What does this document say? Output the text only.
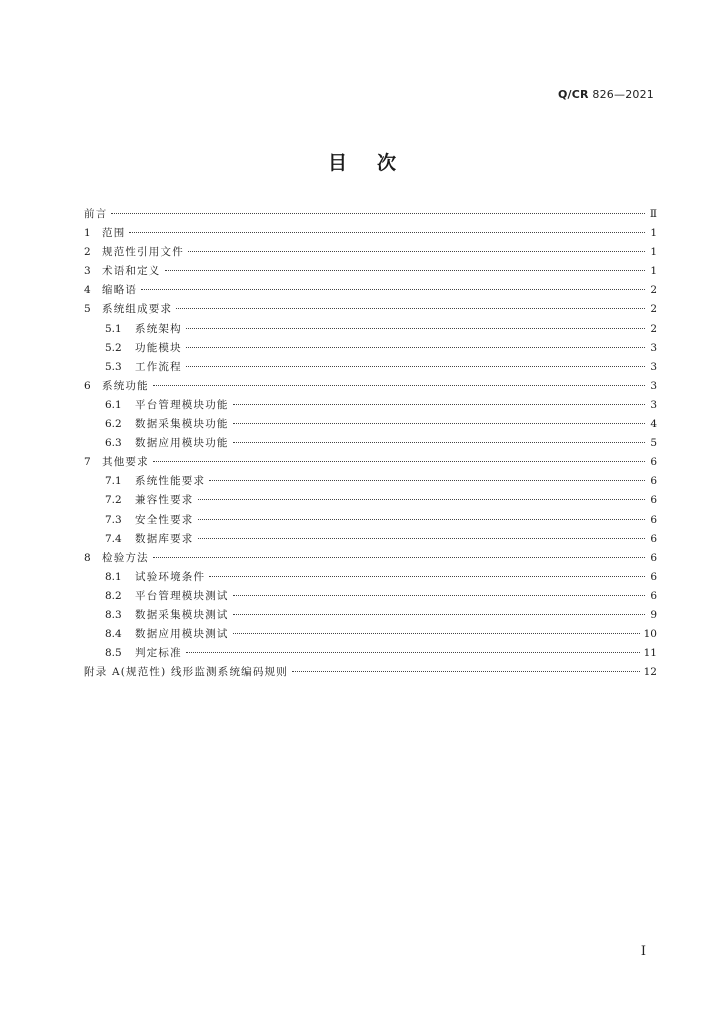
Q/CR 826—2021
目次
前言	Ⅱ
1	范围	1
2	规范性引用文件	1
3	术语和定义	1
4	缩略语	2
5	系统组成要求	2
5.1	系统架构	2
5.2	功能模块	3
5.3	工作流程	3
6	系统功能	3
6.1	平台管理模块功能	3
6.2	数据采集模块功能	4
6.3	数据应用模块功能	5
7	其他要求	6
7.1	系统性能要求	6
7.2	兼容性要求	6
7.3	安全性要求	6
7.4	数据库要求	6
8	检验方法	6
8.1	试验环境条件	6
8.2	平台管理模块测试	6
8.3	数据采集模块测试	9
8.4	数据应用模块测试	10
8.5	判定标准	11
附录 A(规范性) 线形监测系统编码规则	12
I
